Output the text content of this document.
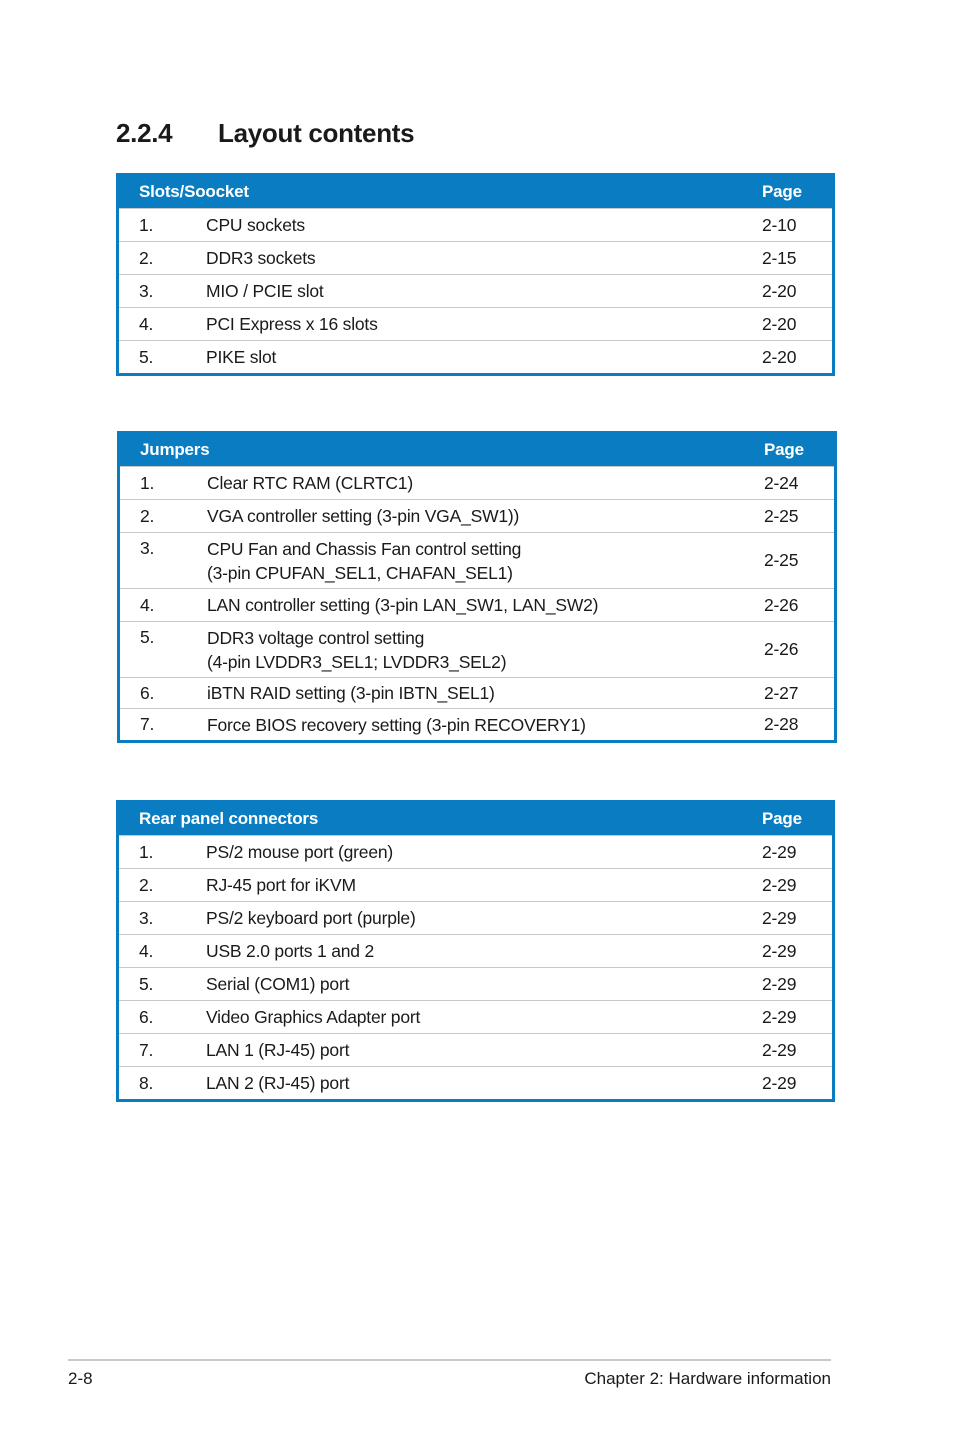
2.2.4 Layout contents
Slots/Soocket	Page
1.	CPU sockets	2-10
2.	DDR3 sockets	2-15
3.	MIO / PCIE slot	2-20
4.	PCI Express x 16 slots	2-20
5.	PIKE slot	2-20
Jumpers	Page
1.	Clear RTC RAM (CLRTC1)	2-24
2.	VGA controller setting (3-pin VGA_SW1))	2-25
3.	CPU Fan and Chassis Fan control setting
(3-pin CPUFAN_SEL1, CHAFAN_SEL1)
2-25
4.	LAN controller setting (3-pin LAN_SW1, LAN_SW2)	2-26
5.	DDR3 voltage control setting
(4-pin LVDDR3_SEL1; LVDDR3_SEL2)
2-26
6.	iBTN RAID setting (3-pin IBTN_SEL1)	2-27
7.	Force BIOS recovery setting (3-pin RECOVERY1)	2-28
Rear panel connectors	Page
1.	PS/2 mouse port (green)	2-29
2.	RJ-45 port for iKVM	2-29
3.	PS/2 keyboard port (purple)	2-29
4.	USB 2.0 ports 1 and 2	2-29
5.	Serial (COM1) port	2-29
6.	Video Graphics Adapter port	2-29
7.	LAN 1 (RJ-45) port	2-29
8.	LAN 2 (RJ-45) port	2-29
2-8	Chapter 2: Hardware information
